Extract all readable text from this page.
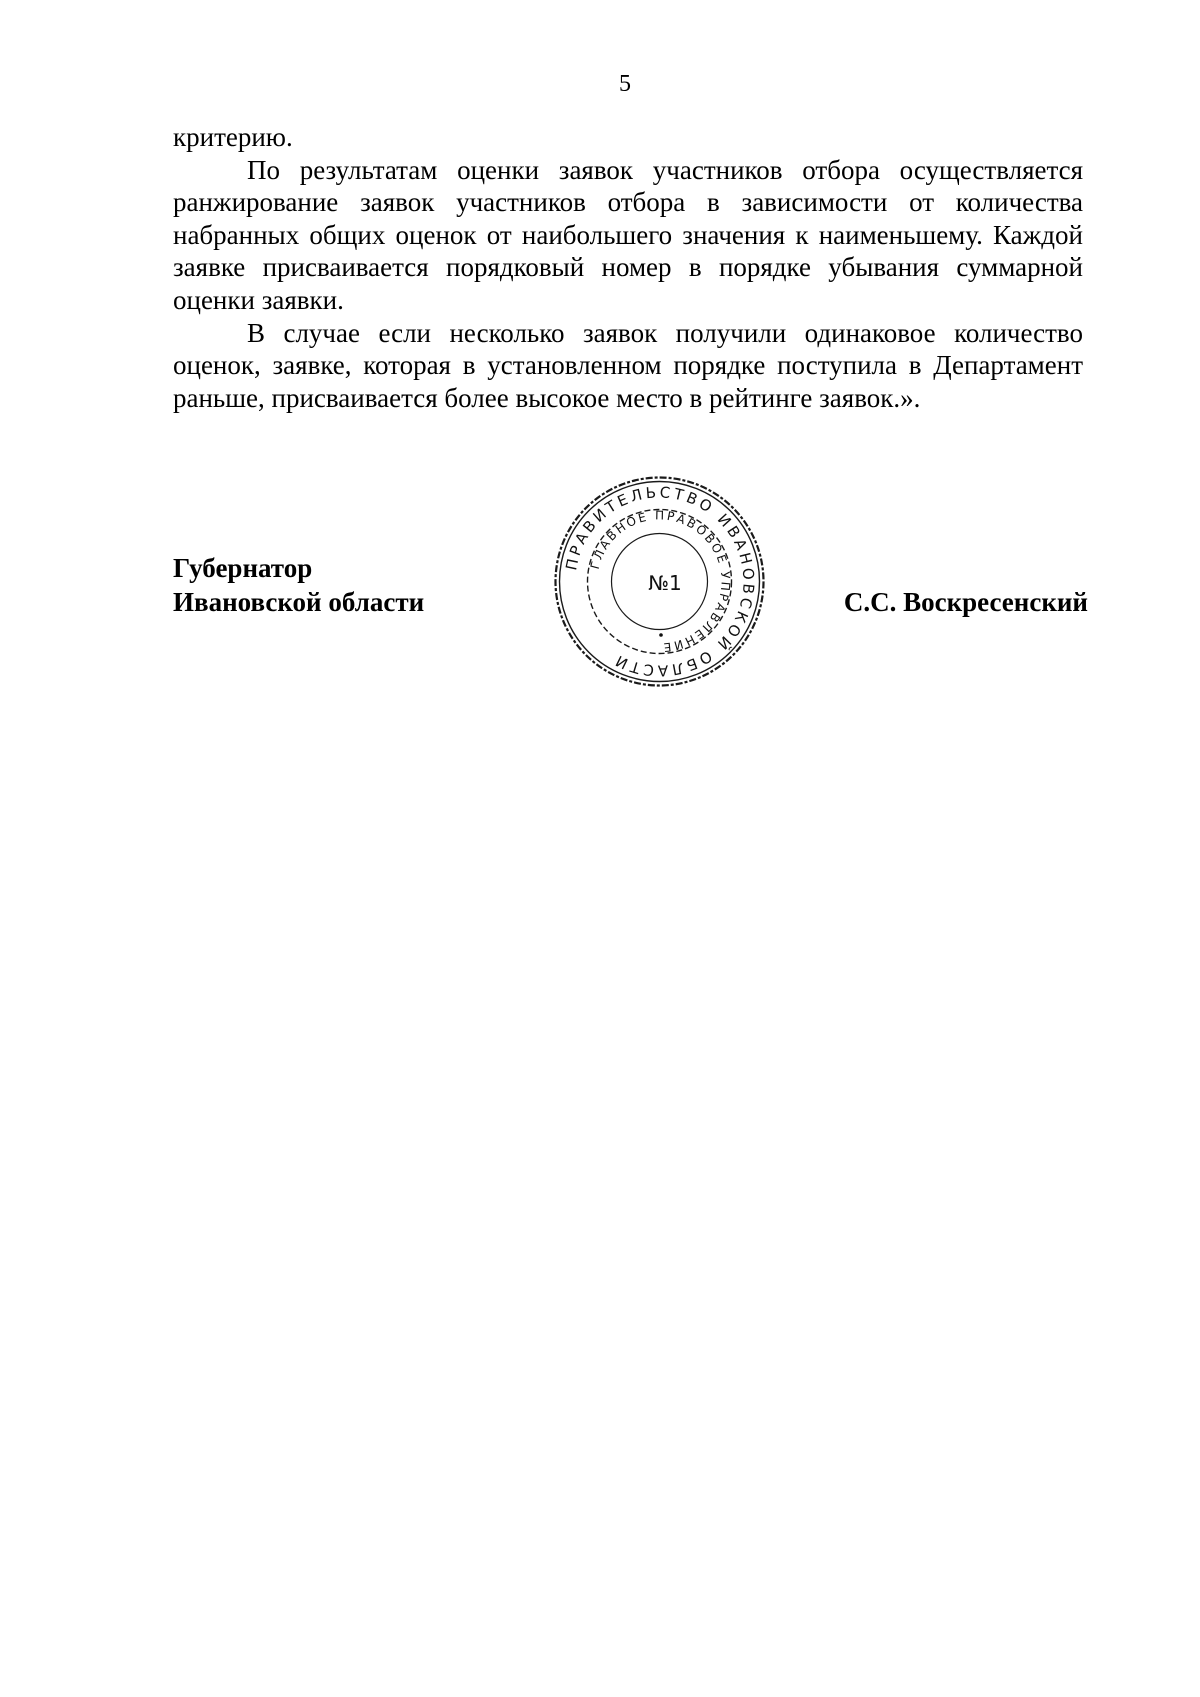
5

критерию.

По результатам оценки заявок участников отбора осуществляется ранжирование заявок участников отбора в зависимости от количества набранных общих оценок от наибольшего значения к наименьшему. Каждой заявке присваивается порядковый номер в порядке убывания суммарной оценки заявки.

В случае если несколько заявок получили одинаковое количество оценок, заявке, которая в установленном порядке поступила в Департамент раньше, присваивается более высокое место в рейтинге заявок.».

Губернатор
Ивановской области
ПРАВИТЕЛЬСТВО ИВАНОВСКОЙ ОБЛАСТИ
ГЛАВНОЕ ПРАВОВОЕ УПРАВЛЕНИЕ
№1
С.С. Воскресенский
